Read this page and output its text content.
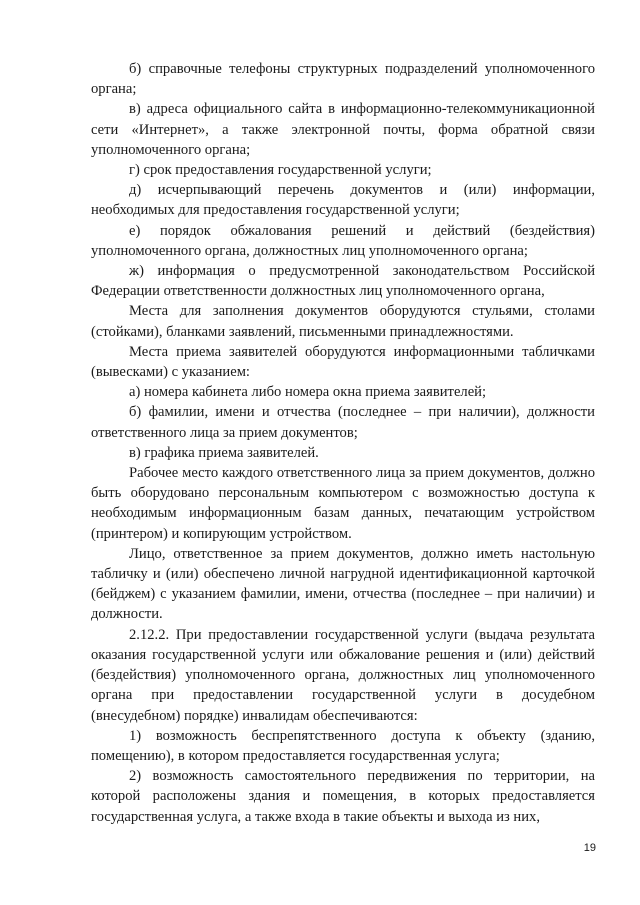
б) справочные телефоны структурных подразделений уполномоченного органа;

в) адреса официального сайта в информационно-телекоммуникационной сети «Интернет», а также электронной почты, форма обратной связи уполномоченного органа;

г) срок предоставления государственной услуги;

д) исчерпывающий перечень документов и (или) информации, необходимых для предоставления государственной услуги;

е) порядок обжалования решений и действий (бездействия) уполномоченного органа, должностных лиц уполномоченного органа;

ж) информация о предусмотренной законодательством Российской Федерации ответственности должностных лиц уполномоченного органа,

Места для заполнения документов оборудуются стульями, столами (стойками), бланками заявлений, письменными принадлежностями.

Места приема заявителей оборудуются информационными табличками (вывесками) с указанием:

а) номера кабинета либо номера окна приема заявителей;

б) фамилии, имени и отчества (последнее – при наличии), должности ответственного лица за прием документов;

в) графика приема заявителей.

Рабочее место каждого ответственного лица за прием документов, должно быть оборудовано персональным компьютером с возможностью доступа к необходимым информационным базам данных, печатающим устройством (принтером) и копирующим устройством.

Лицо, ответственное за прием документов, должно иметь настольную табличку и (или) обеспечено личной нагрудной идентификационной карточкой (бейджем) с указанием фамилии, имени, отчества (последнее – при наличии) и должности.

2.12.2. При предоставлении государственной услуги (выдача результата оказания государственной услуги или обжалование решения и (или) действий (бездействия) уполномоченного органа, должностных лиц уполномоченного органа при предоставлении государственной услуги в досудебном (внесудебном) порядке) инвалидам обеспечиваются:

1) возможность беспрепятственного доступа к объекту (зданию, помещению), в котором предоставляется государственная услуга;

2) возможность самостоятельного передвижения по территории, на которой расположены здания и помещения, в которых предоставляется государственная услуга, а также входа в такие объекты и выхода из них,

19
